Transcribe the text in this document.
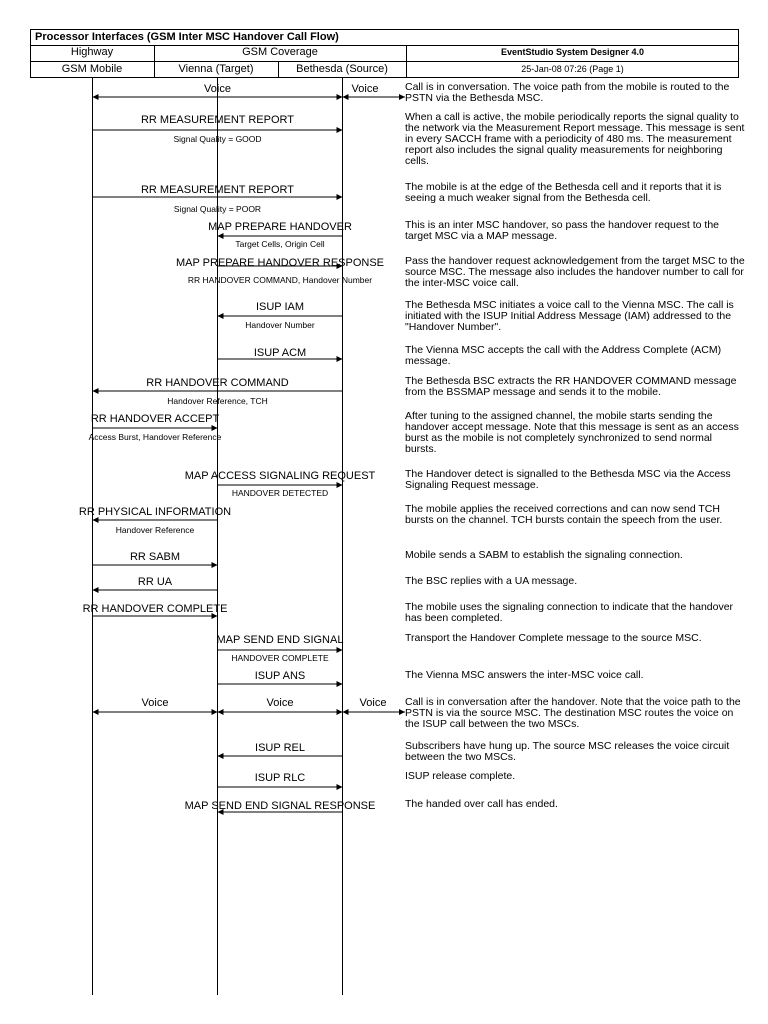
Processor Interfaces (GSM Inter MSC Handover Call Flow)
Highway	GSM Coverage	EventStudio System Designer 4.0
GSM Mobile	Vienna (Target)	Bethesda (Source)	25-Jan-08 07:26 (Page 1)
Voice	Voice
RR MEASUREMENT REPORT
Signal Quality = GOOD
RR MEASUREMENT REPORT
Signal Quality = POOR
MAP PREPARE HANDOVER
Target Cells, Origin Cell
MAP PREPARE HANDOVER RESPONSE
RR HANDOVER COMMAND, Handover Number
ISUP IAM
Handover Number
ISUP ACM
RR HANDOVER COMMAND
Handover Reference, TCH
RR HANDOVER ACCEPT
Access Burst, Handover Reference
MAP ACCESS SIGNALING REQUEST
HANDOVER DETECTED
RR PHYSICAL INFORMATION
Handover Reference
RR SABM
RR UA
RR HANDOVER COMPLETE
MAP SEND END SIGNAL
HANDOVER COMPLETE
ISUP ANS
Voice	Voice	Voice
ISUP REL
ISUP RLC
MAP SEND END SIGNAL RESPONSE
Call is in conversation. The voice path from the mobile is routed to the PSTN via the Bethesda MSC.
When a call is active, the mobile periodically reports the signal quality to the network via the Measurement Report message. This message is sent in every SACCH frame with a periodicity of 480 ms. The measurement report also includes the signal quality measurements for neighboring cells.
The mobile is at the edge of the Bethesda cell and it reports that it is seeing a much weaker signal from the Bethesda cell.
This is an inter MSC handover, so pass the handover request to the target MSC via a MAP message.
Pass the handover request acknowledgement from the target MSC to the source MSC. The message also includes the handover number to call for the inter-MSC voice call.
The Bethesda MSC initiates a voice call to the Vienna MSC. The call is initiated with the ISUP Initial Address Message (IAM) addressed to the "Handover Number".
The Vienna MSC accepts the call with the Address Complete (ACM) message.
The Bethesda BSC extracts the RR HANDOVER COMMAND message from the BSSMAP message and sends it to the mobile.
After tuning to the assigned channel, the mobile starts sending the handover accept message. Note that this message is sent as an access burst as the mobile is not completely synchronized to send normal bursts.
The Handover detect is signalled to the Bethesda MSC via the Access Signaling Request message.
The mobile applies the received corrections and can now send TCH bursts on the channel. TCH bursts contain the speech from the user.
Mobile sends a SABM to establish the signaling connection.
The BSC replies with a UA message.
The mobile uses the signaling connection to indicate that the handover has been completed.
Transport the Handover Complete message to the source MSC.
The Vienna MSC answers the inter-MSC voice call.
Call is in conversation after the handover. Note that the voice path to the PSTN is via the source MSC. The destination MSC routes the voice on the ISUP call between the two MSCs.
Subscribers have hung up. The source MSC releases the voice circuit between the two MSCs.
ISUP release complete.
The handed over call has ended.
